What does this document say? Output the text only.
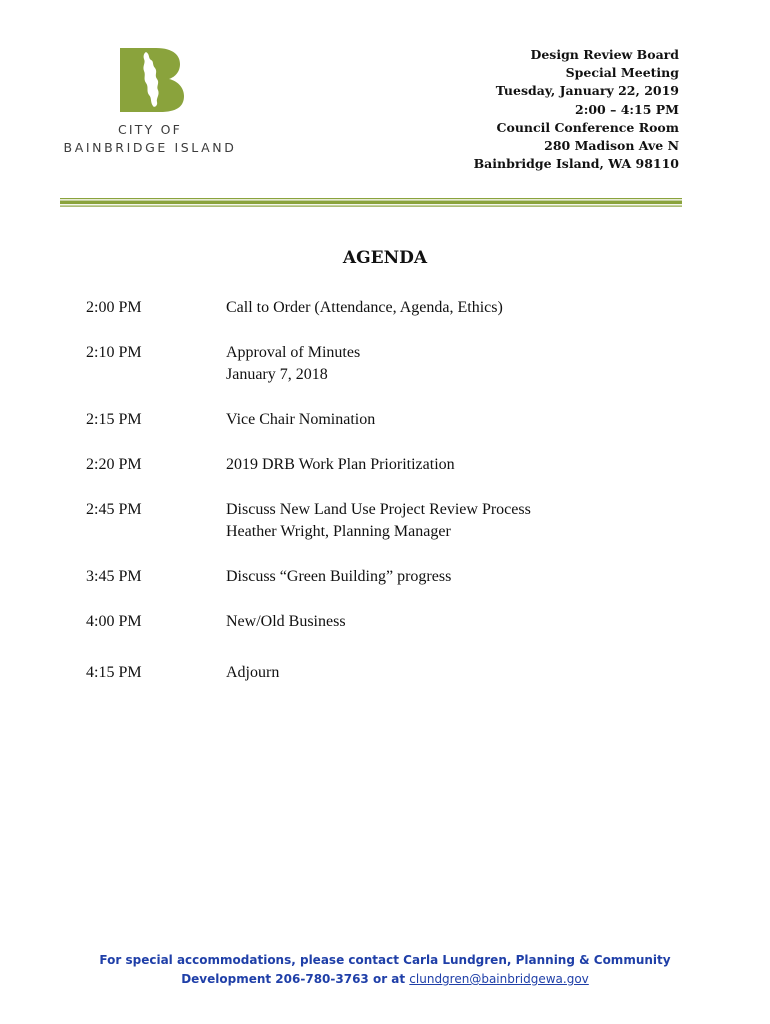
CITY OF
BAINBRIDGE ISLAND
Design Review Board
Special Meeting
Tuesday, January 22, 2019
2:00 – 4:15 PM
Council Conference Room
280 Madison Ave N
Bainbridge Island, WA 98110
AGENDA
2:00 PM	Call to Order (Attendance, Agenda, Ethics)
2:10 PM	Approval of Minutes
January 7, 2018
2:15 PM	Vice Chair Nomination
2:20 PM	2019 DRB Work Plan Prioritization
2:45 PM	Discuss New Land Use Project Review Process
Heather Wright, Planning Manager
3:45 PM	Discuss “Green Building” progress
4:00 PM	New/Old Business
4:15 PM	Adjourn
For special accommodations, please contact Carla Lundgren, Planning & Community
Development 206-780-3763 or at clundgren@bainbridgewa.gov
